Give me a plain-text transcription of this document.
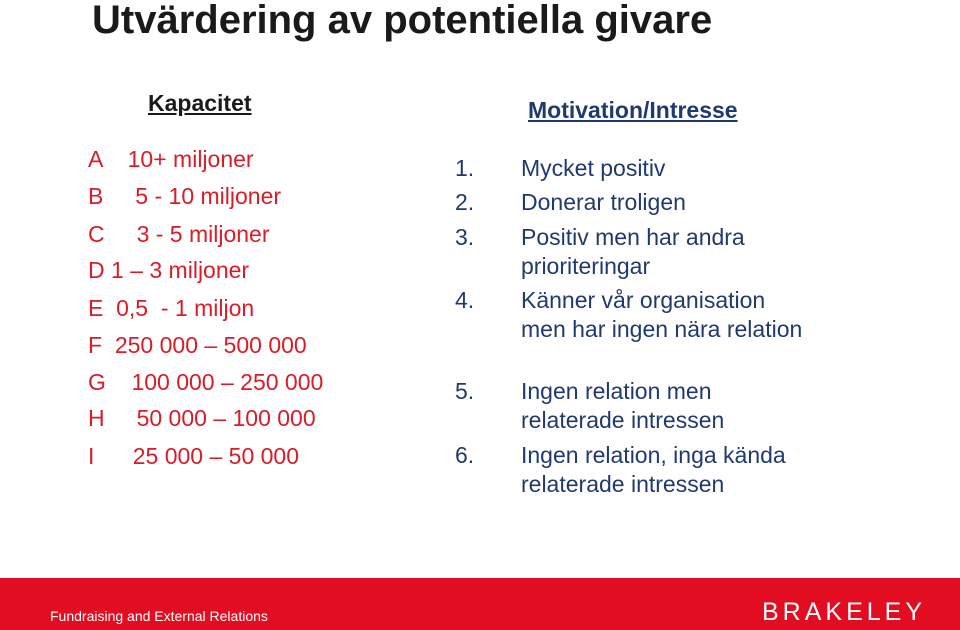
Utvärdering av potentiella givare
Kapacitet
A    10+ miljoner
B     5 - 10 miljoner
C     3 - 5 miljoner
D 1 – 3 miljoner
E  0,5  - 1 miljon
F  250 000 – 500 000
G    100 000 – 250 000
H     50 000 – 100 000
I      25 000 – 50 000
Motivation/Intresse
1.	Mycket positiv
2.	Donerar troligen
3.	Positiv men har andra prioriteringar
4.	Känner vår organisation men har ingen nära relation
5.	Ingen relation men relaterade intressen
6.	Ingen relation, inga kända relaterade intressen
Fundraising and External Relations	BRAKELEY
